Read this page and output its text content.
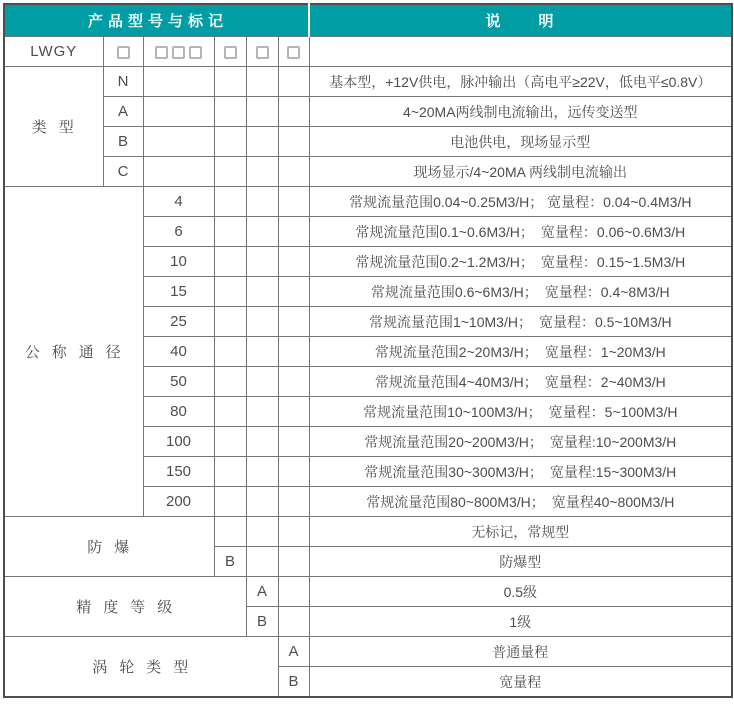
产品型号与标记						说明
LWGY						
类型	N					基本型，+12V供电，脉冲输出（高电平≥22V，低电平≤0.8V）
	A					4~20MA两线制电流输出，远传变送型
	B					电池供电，现场显示型
	C					现场显示/4~20MA 两线制电流输出
公称通径		4				常规流量范围0.04~0.25M3/H； 宽量程：0.04~0.4M3/H
		6				常规流量范围0.1~0.6M3/H；　宽量程：0.06~0.6M3/H
		10				常规流量范围0.2~1.2M3/H；　宽量程：0.15~1.5M3/H
		15				常规流量范围0.6~6M3/H；　宽量程：0.4~8M3/H
		25				常规流量范围1~10M3/H；　宽量程：0.5~10M3/H
		40				常规流量范围2~20M3/H；　宽量程：1~20M3/H
		50				常规流量范围4~40M3/H；　宽量程：2~40M3/H
		80				常规流量范围10~100M3/H；　宽量程：5~100M3/H
		100				常规流量范围20~200M3/H；　宽量程:10~200M3/H
		150				常规流量范围30~300M3/H；　宽量程:15~300M3/H
		200				常规流量范围80~800M3/H；　宽量程40~800M3/H
防爆						无标记，常规型
			B			防爆型
精度等级				A		0.5级
				B		1级
涡轮类型					A	普通量程
					B	宽量程
